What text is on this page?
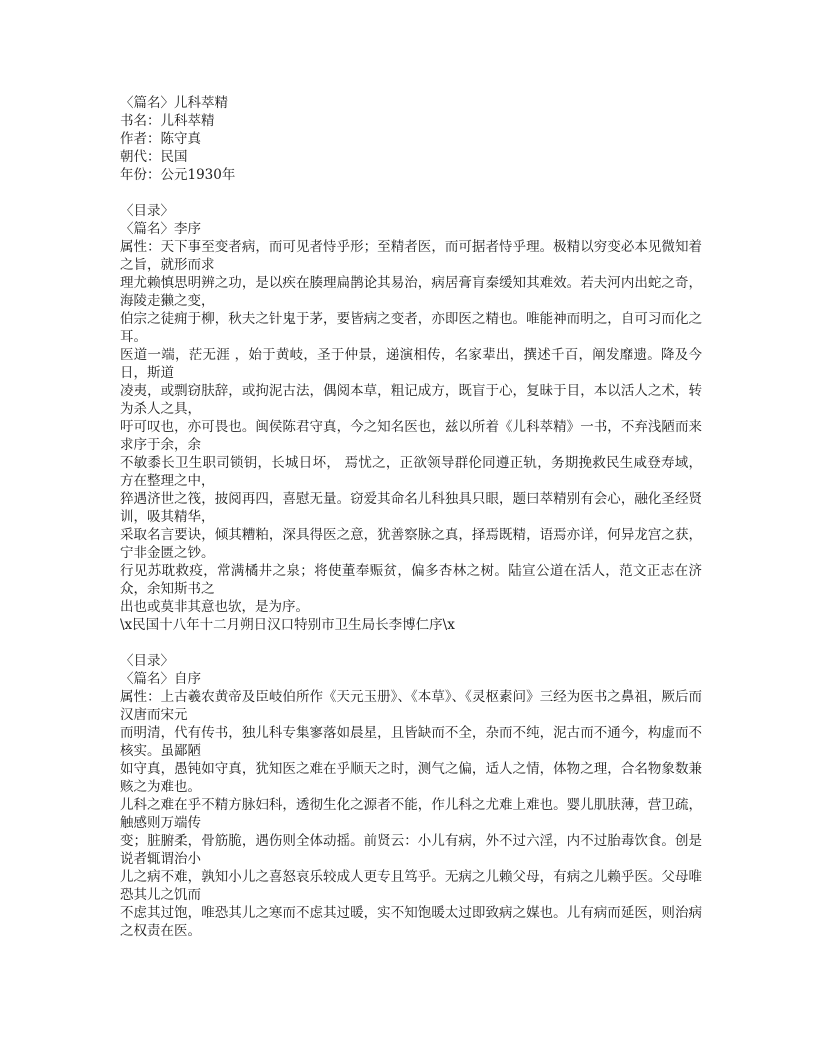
〈篇名〉儿科萃精

书名：儿科萃精

作者：陈守真

朝代：民国

年份：公元1930年

〈目录〉

〈篇名〉李序

属性：天下事至变者病，而可见者恃乎形；至精者医，而可据者恃乎理。极精以穷变必本见微知着之旨，就形而求

理尤赖慎思明辨之功，是以疾在腠理扁鹊论其易治，病居膏肓秦缓知其难效。若夫河内出蛇之奇，海陵走獭之变，

伯宗之徒痈于柳，秋夫之针鬼于茅，要皆病之变者，亦即医之精也。唯能神而明之，自可习而化之耳。

医道一端，茫无涯 ，始于黄岐，圣于仲景，递演相传，名家辈出，撰述千百，阐发靡遗。降及今日，斯道

凌夷，或剽窃肤辞，或拘泥古法，偶阅本草，粗记成方，既盲于心，复昧于目，本以活人之术，转为杀人之具，

吁可叹也，亦可畏也。闽侯陈君守真，今之知名医也，兹以所着《儿科萃精》一书，不弃浅陋而来求序于余，余

不敏黍长卫生职司锁钥，长城日坏， 焉忧之，正欲领导群伦同遵正轨，务期挽救民生咸登寿域，方在整理之中，

猝遇济世之筏，披阅再四，喜慰无量。窃爱其命名儿科独具只眼，题曰萃精别有会心，融化圣经贤训，吸其精华，

采取名言要诀，倾其糟粕，深具得医之意，犹善察脉之真，择焉既精，语焉亦详，何异龙宫之获，宁非金匮之钞。

行见苏耽救疫，常满橘井之泉；将使董奉赈贫，偏多杏林之树。陆宣公道在活人，范文正志在济众，余知斯书之

出也或莫非其意也欤，是为序。

\x民国十八年十二月朔日汉口特别市卫生局长李博仁序\x

〈目录〉

〈篇名〉自序

属性：上古羲农黄帝及臣岐伯所作《天元玉册》、《本草》、《灵枢素问》三经为医书之鼻祖，厥后而汉唐而宋元

而明清，代有传书，独儿科专集寥落如晨星，且皆缺而不全，杂而不纯，泥古而不通今，构虚而不核实。虽鄙陋

如守真，愚钝如守真，犹知医之难在乎顺天之时，测气之偏，适人之情，体物之理，合名物象数兼赅之为难也。

儿科之难在乎不精方脉妇科，透彻生化之源者不能，作儿科之尤难上难也。婴儿肌肤薄，营卫疏，触感则万端传

变；脏腑柔，骨筋脆，遇伤则全体动摇。前贤云：小儿有病，外不过六淫，内不过胎毒饮食。创是说者辄谓治小

儿之病不难，孰知小儿之喜怒哀乐较成人更专且笃乎。无病之儿赖父母，有病之儿赖乎医。父母唯恐其儿之饥而

不虑其过饱，唯恐其儿之寒而不虑其过暖，实不知饱暖太过即致病之媒也。儿有病而延医，则治病之权责在医。
